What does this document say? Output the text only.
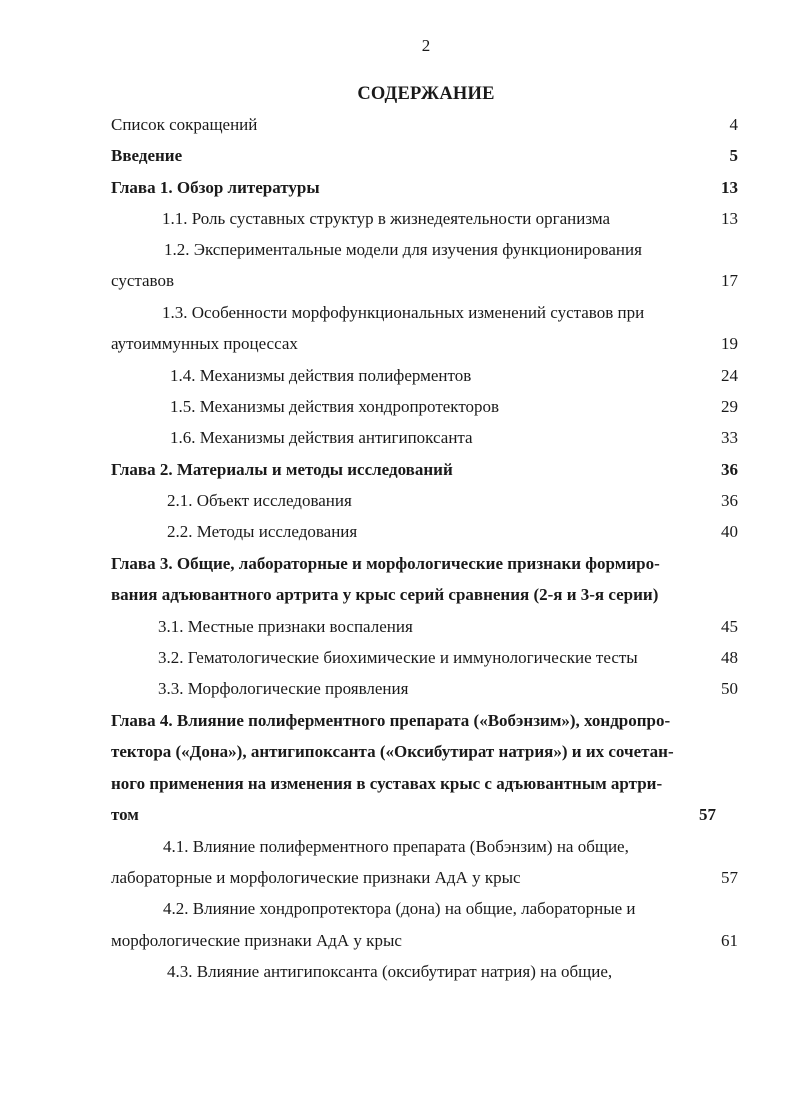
2
СОДЕРЖАНИЕ
Список сокращений	4
Введение	5
Глава 1. Обзор литературы	13
1.1. Роль суставных структур в жизнедеятельности организма	13
1.2. Экспериментальные модели для изучения функционирования
суставов	17
1.3. Особенности морфофункциональных изменений суставов при
аутоиммунных процессах	19
1.4. Механизмы действия полиферментов	24
1.5. Механизмы действия хондропротекторов	29
1.6. Механизмы действия антигипоксанта	33
Глава 2. Материалы и методы исследований	36
2.1. Объект исследования	36
2.2. Методы исследования	40
Глава 3. Общие, лабораторные и морфологические признаки формиро-
вания адъювантного артрита у крыс серий сравнения (2-я и 3-я серии)
3.1. Местные признаки воспаления	45
3.2. Гематологические биохимические и иммунологические тесты	48
3.3. Морфологические проявления	50
Глава 4. Влияние полиферментного препарата («Вобэнзим»), хондропро-
тектора («Дона»), антигипоксанта («Оксибутират натрия») и их сочетан-
ного применения на изменения в суставах крыс с адъювантным артри-
том	57
4.1. Влияние полиферментного препарата (Вобэнзим) на общие,
лабораторные и морфологические признаки АдА у крыс	57
4.2. Влияние хондропротектора (дона) на общие, лабораторные и
морфологические признаки АдА у крыс	61
4.3. Влияние антигипоксанта (оксибутират натрия) на общие,
